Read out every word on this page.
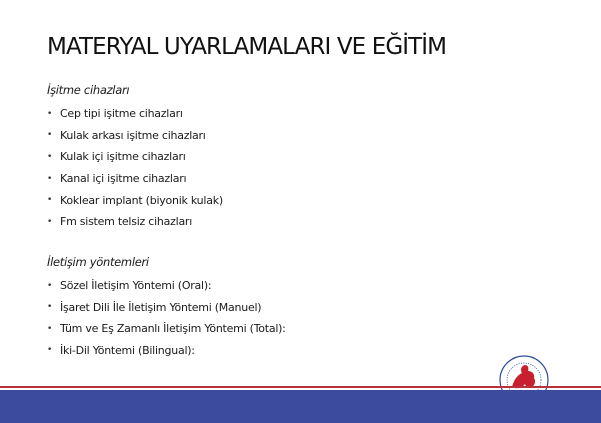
MATERYAL UYARLAMALARI VE EĞİTİM
İşitme cihazları
• Cep tipi işitme cihazları
• Kulak arkası işitme cihazları
• Kulak içi işitme cihazları
• Kanal içi işitme cihazları
• Koklear implant (biyonik kulak)
• Fm sistem telsiz cihazları
İletişim yöntemleri
• Sözel İletişim Yöntemi (Oral):
• İşaret Dili İle İletişim Yöntemi (Manuel)
• Tüm ve Eş Zamanlı İletişim Yöntemi (Total):
• İki-Dil Yöntemi (Bilingual):
